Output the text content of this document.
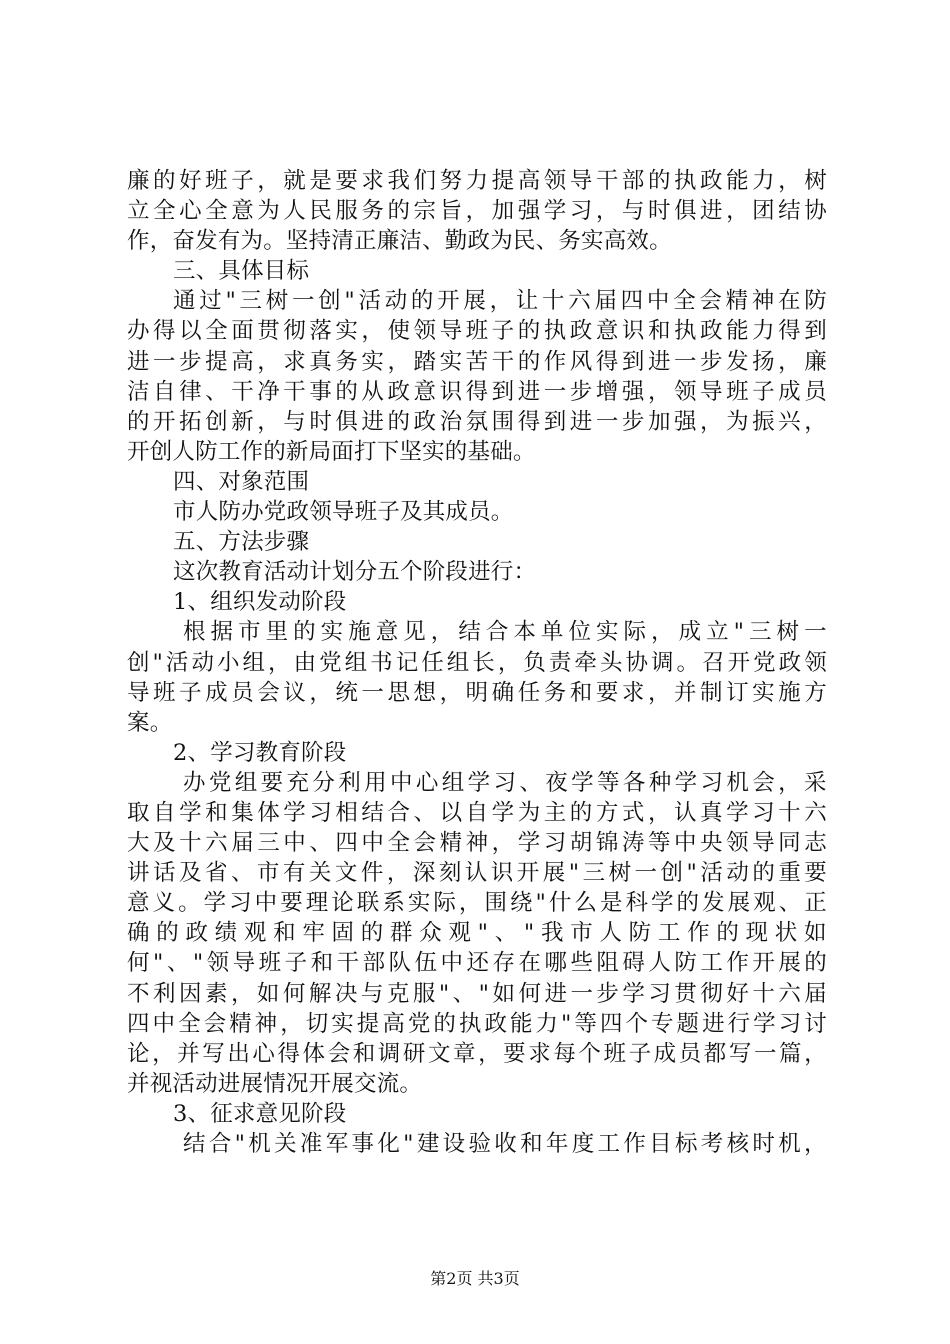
廉 的 好 班 子 ， 就 是 要 求 我 们 努 力 提 高 领 导 干 部 的 执 政 能 力 ， 树
立 全 心 全 意 为 人 民 服 务 的 宗 旨 ， 加 强 学 习 ， 与 时 俱 进 ， 团 结 协
作，奋发有为。坚持清正廉洁、勤政为民、务实高效。
三、具体目标
通 过 " 三 树 一 创 " 活 动 的 开 展 ， 让 十 六 届 四 中 全 会 精 神 在 防
办 得 以 全 面 贯 彻 落 实 ， 使 领 导 班 子 的 执 政 意 识 和 执 政 能 力 得 到
进 一 步 提 高 ， 求 真 务 实 ， 踏 实 苦 干 的 作 风 得 到 进 一 步 发 扬 ， 廉
洁 自 律 、 干 净 干 事 的 从 政 意 识 得 到 进 一 步 增 强 ， 领 导 班 子 成 员
的 开 拓 创 新 ， 与 时 俱 进 的 政 治 氛 围 得 到 进 一 步 加 强 ， 为 振 兴 ，
开创人防工作的新局面打下坚实的基础。
四、对象范围
市人防办党政领导班子及其成员。
五、方法步骤
这次教育活动计划分五个阶段进行：
1、组织发动阶段
根 据 市 里 的 实 施 意 见 ， 结 合 本 单 位 实 际 ， 成 立 " 三 树 一
创 " 活 动 小 组 ， 由 党 组 书 记 任 组 长 ， 负 责 牵 头 协 调 。 召 开 党 政 领
导 班 子 成 员 会 议 ， 统 一 思 想 ， 明 确 任 务 和 要 求 ， 并 制 订 实 施 方
案。
2、学习教育阶段
办 党 组 要 充 分 利 用 中 心 组 学 习 、 夜 学 等 各 种 学 习 机 会 ， 采
取 自 学 和 集 体 学 习 相 结 合 、 以 自 学 为 主 的 方 式 ， 认 真 学 习 十 六
大 及 十 六 届 三 中 、 四 中 全 会 精 神 ， 学 习 胡 锦 涛 等 中 央 领 导 同 志
讲 话 及 省 、 市 有 关 文 件 ， 深 刻 认 识 开 展 " 三 树 一 创 " 活 动 的 重 要
意 义 。 学 习 中 要 理 论 联 系 实 际 ， 围 绕 " 什 么 是 科 学 的 发 展 观 、 正
确 的 政 绩 观 和 牢 固 的 群 众 观 " 、 " 我 市 人 防 工 作 的 现 状 如
何 " 、 " 领 导 班 子 和 干 部 队 伍 中 还 存 在 哪 些 阻 碍 人 防 工 作 开 展 的
不 利 因 素 ， 如 何 解 决 与 克 服 " 、 " 如 何 进 一 步 学 习 贯 彻 好 十 六 届
四 中 全 会 精 神 ， 切 实 提 高 党 的 执 政 能 力 " 等 四 个 专 题 进 行 学 习 讨
论 ， 并 写 出 心 得 体 会 和 调 研 文 章 ， 要 求 每 个 班 子 成 员 都 写 一 篇 ，
并视活动进展情况开展交流。
3、征求意见阶段
结 合 " 机 关 准 军 事 化 " 建 设 验 收 和 年 度 工 作 目 标 考 核 时 机 ，
第2页 共3页
